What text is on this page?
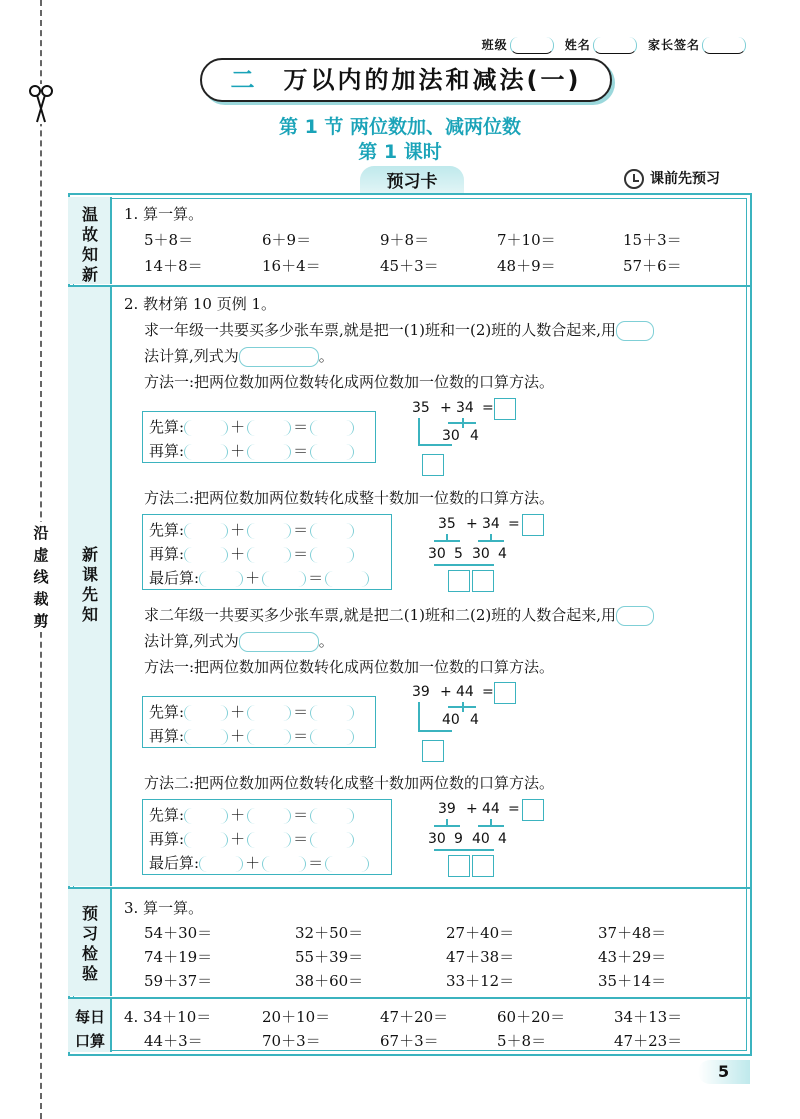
沿
虚
线
裁
剪
班级	姓名	家长签名
二 万以内的加法和减法(一)
第 1 节 两位数加、减两位数
第 1 课时
预习卡	课前先预习
温
故
知
新
新
课
先
知
预
习
检
验
每日
口算
1. 算一算。
5＋8＝	6＋9＝	9＋8＝	7＋10＝	15＋3＝
14＋8＝	16＋4＝	45＋3＝	48＋9＝	57＋6＝
2. 教材第 10 页例 1。
求一年级一共要买多少张车票,就是把一(1)班和一(2)班的人数合起来,用
法计算,列式为	。
方法一:把两位数加两位数转化成两位数加一位数的口算方法。
先算:	＋	＝
再算:	＋	＝
35 + 34 =
30 4
方法二:把两位数加两位数转化成整十数加一位数的口算方法。
先算:	＋	＝
再算:	＋	＝
最后算:	＋	＝
35 + 34 =
30 5 30 4
求二年级一共要买多少张车票,就是把二(1)班和二(2)班的人数合起来,用
法计算,列式为	。
方法一:把两位数加两位数转化成两位数加一位数的口算方法。
先算:	＋	＝
再算:	＋	＝
39 + 44 =
40 4
方法二:把两位数加两位数转化成整十数加两位数的口算方法。
先算:	＋	＝
再算:	＋	＝
最后算:	＋	＝
39 + 44 =
30 9 40 4
3. 算一算。
54＋30＝	32＋50＝	27＋40＝	37＋48＝
74＋19＝	55＋39＝	47＋38＝	43＋29＝
59＋37＝	38＋60＝	33＋12＝	35＋14＝
4. 34＋10＝	20＋10＝	47＋20＝	60＋20＝	34＋13＝
44＋3＝	70＋3＝	67＋3＝	5＋8＝	47＋23＝
5
